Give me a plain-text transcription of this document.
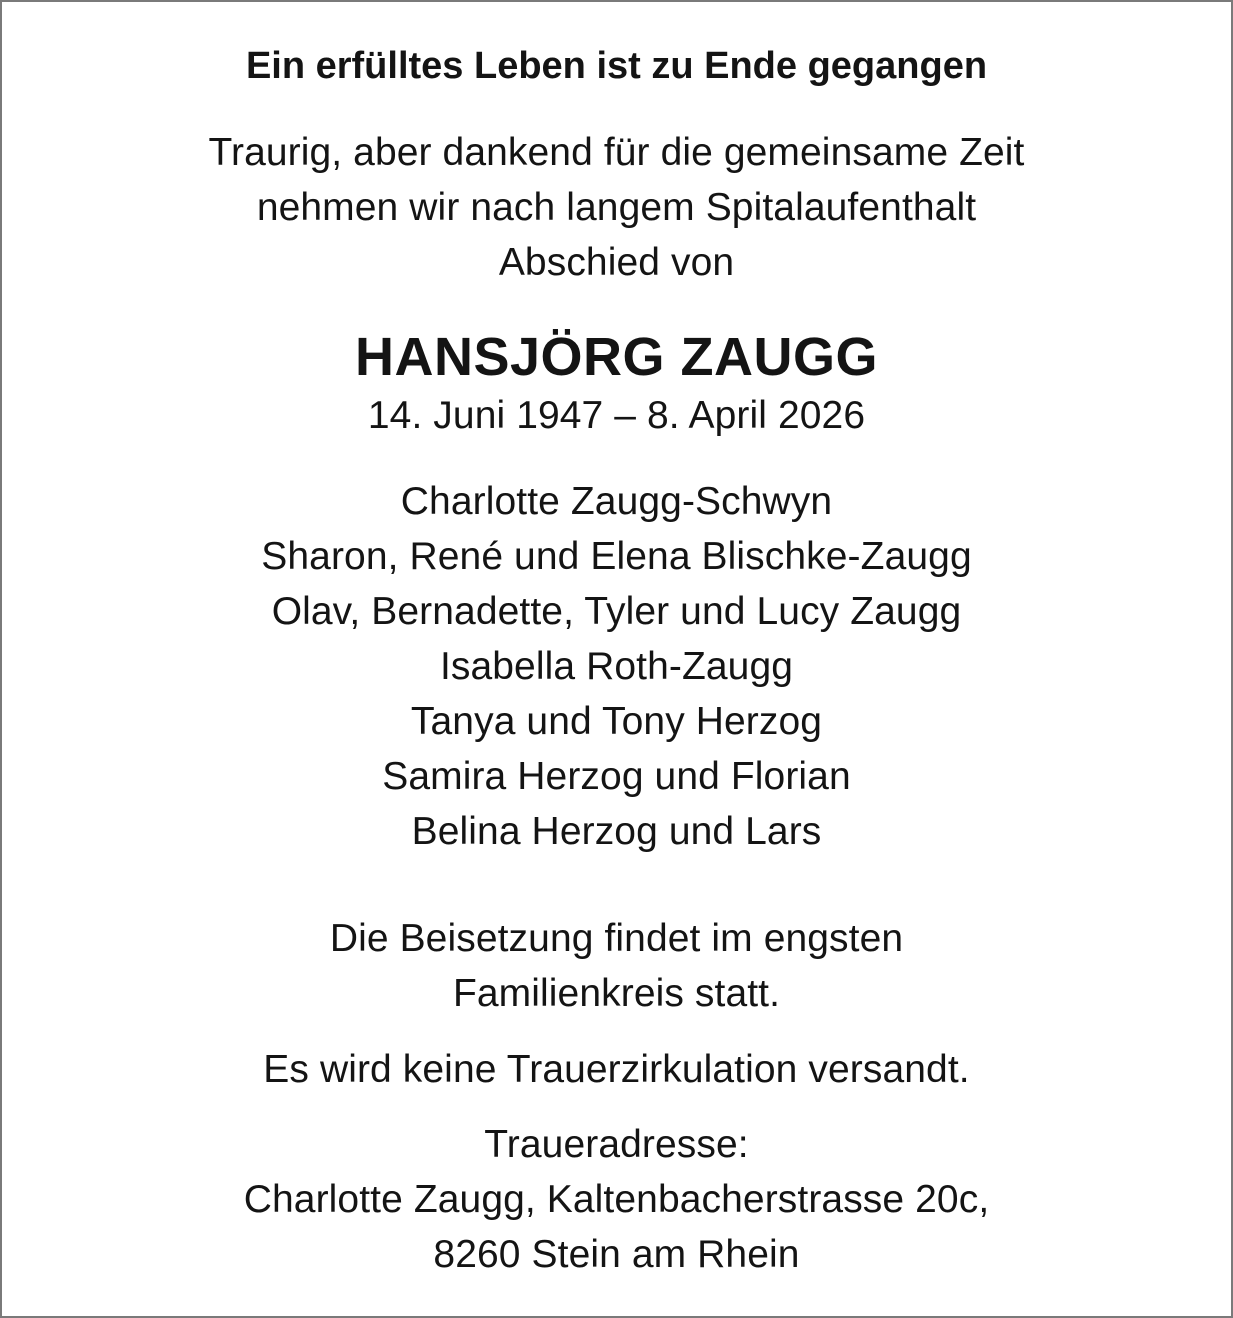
Ein erfülltes Leben ist zu Ende gegangen
Traurig, aber dankend für die gemeinsame Zeit
nehmen wir nach langem Spitalaufenthalt
Abschied von
HANSJÖRG ZAUGG
14. Juni 1947 – 8. April 2026
Charlotte Zaugg-Schwyn
Sharon, René und Elena Blischke-Zaugg
Olav, Bernadette, Tyler und Lucy Zaugg
Isabella Roth-Zaugg
Tanya und Tony Herzog
Samira Herzog und Florian
Belina Herzog und Lars
Die Beisetzung findet im engsten
Familienkreis statt.
Es wird keine Trauerzirkulation versandt.
Traueradresse:
Charlotte Zaugg, Kaltenbacherstrasse 20c,
8260 Stein am Rhein
